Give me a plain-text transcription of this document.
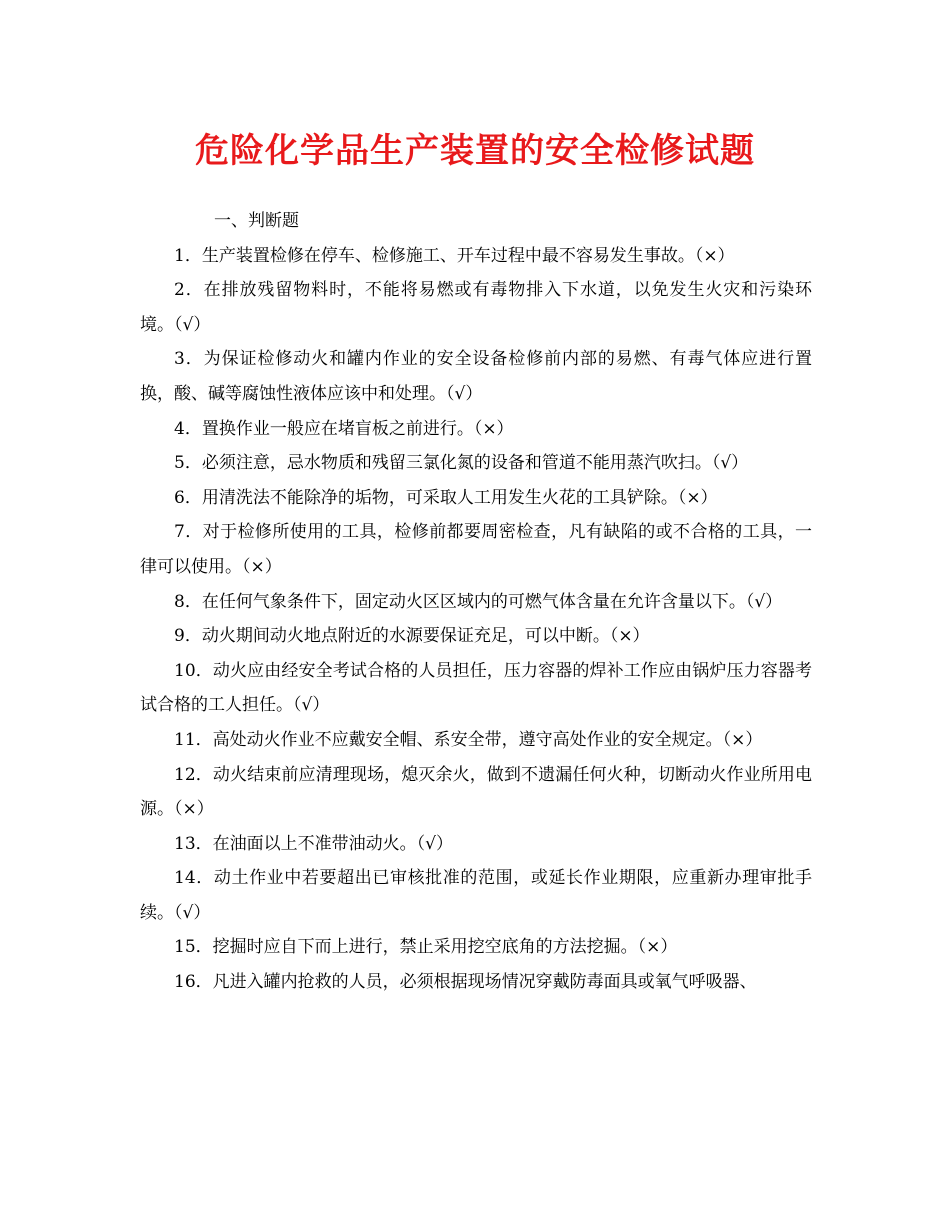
危险化学品生产装置的安全检修试题

一、判断题

1．生产装置检修在停车、检修施工、开车过程中最不容易发生事故。（×）

2．在排放残留物料时，不能将易燃或有毒物排入下水道，以免发生火灾和污染环境。（√）

3．为保证检修动火和罐内作业的安全设备检修前内部的易燃、有毒气体应进行置换，酸、碱等腐蚀性液体应该中和处理。（√）

4．置换作业一般应在堵盲板之前进行。（×）

5．必须注意，忌水物质和残留三氯化氮的设备和管道不能用蒸汽吹扫。（√）

6．用清洗法不能除净的垢物，可采取人工用发生火花的工具铲除。（×）

7．对于检修所使用的工具，检修前都要周密检查，凡有缺陷的或不合格的工具，一律可以使用。（×）

8．在任何气象条件下，固定动火区区域内的可燃气体含量在允许含量以下。（√）

9．动火期间动火地点附近的水源要保证充足，可以中断。（×）

10．动火应由经安全考试合格的人员担任，压力容器的焊补工作应由锅炉压力容器考试合格的工人担任。（√）

11．高处动火作业不应戴安全帽、系安全带，遵守高处作业的安全规定。（×）

12．动火结束前应清理现场，熄灭余火，做到不遗漏任何火种，切断动火作业所用电源。（×）

13．在油面以上不准带油动火。（√）

14．动土作业中若要超出已审核批准的范围，或延长作业期限，应重新办理审批手续。（√）

15．挖掘时应自下而上进行，禁止采用挖空底角的方法挖掘。（×）

16．凡进入罐内抢救的人员，必须根据现场情况穿戴防毒面具或氧气呼吸器、
